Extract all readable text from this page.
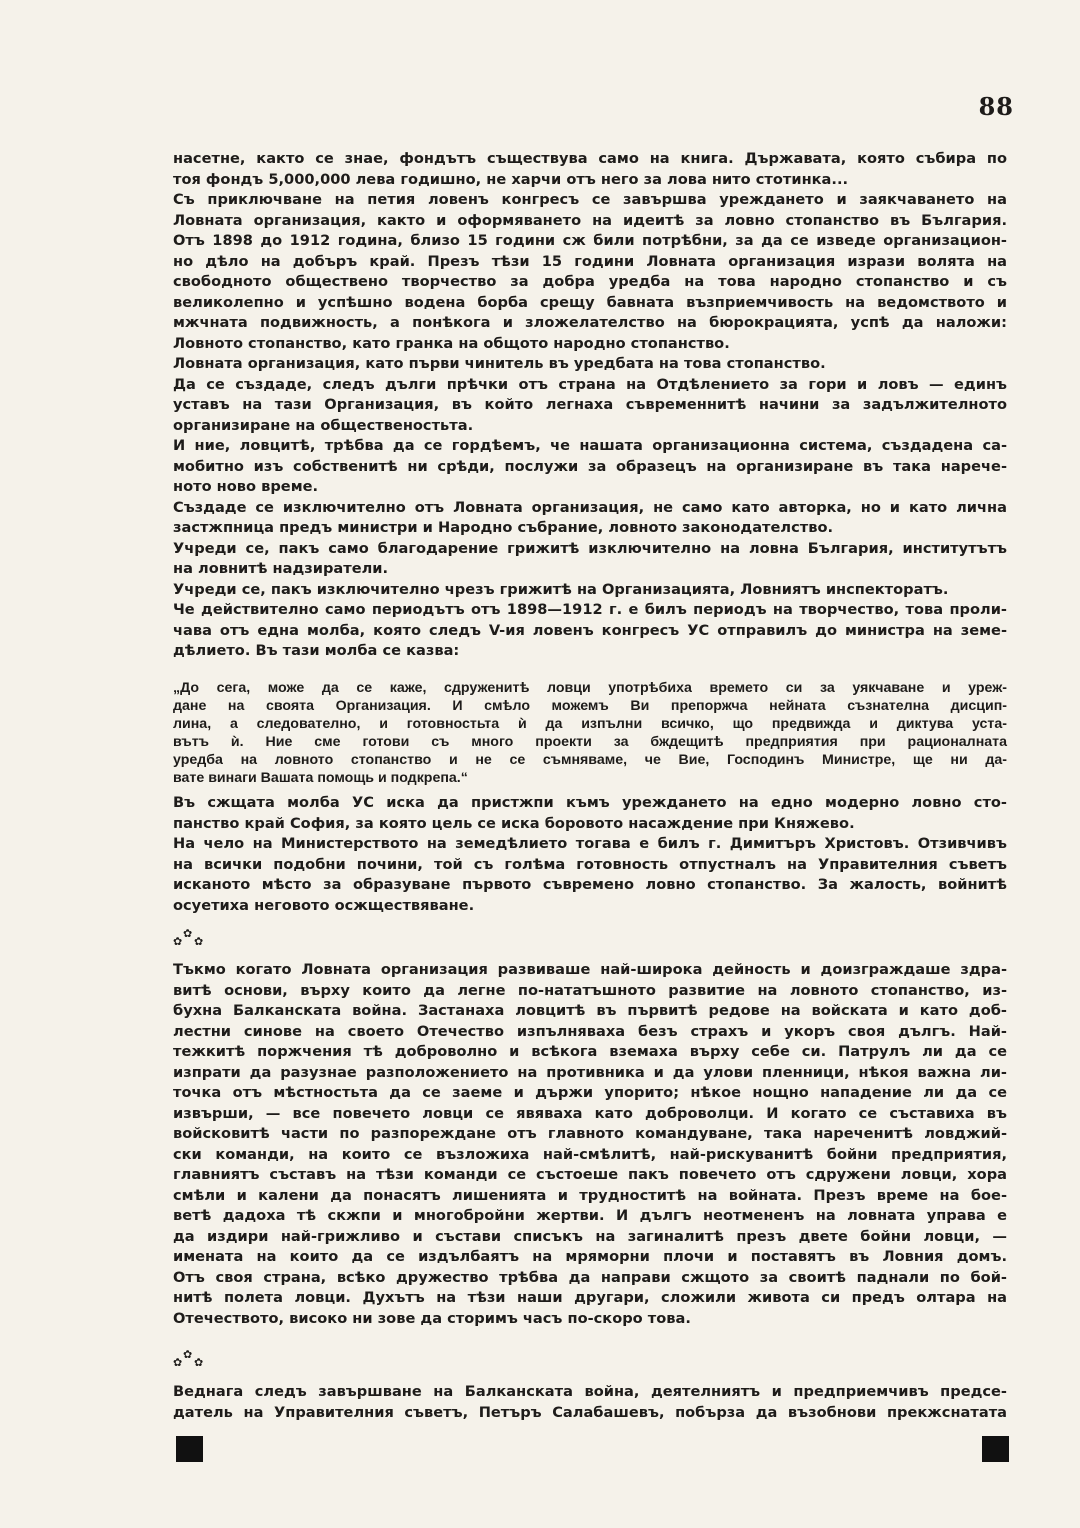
88
насетне, както се знае, фондътъ съществува само на книга. Държавата, която събира по
тоя фондъ 5,000,000 лева годишно, не харчи отъ него за лова нито стотинка...
Съ приключване на петия ловенъ конгресъ се завършва уреждането и заякчаването на
Ловната организация, както и оформяването на идеитѣ за ловно стопанство въ България.
Отъ 1898 до 1912 година, близо 15 години сж били потрѣбни, за да се изведе организацион-
но дѣло на добъръ край. Презъ тѣзи 15 години Ловната организация изрази волята на
свободното обществено творчество за добра уредба на това народно стопанство и съ
великолепно и успѣшно водена борба срещу бавната възприемчивость на ведомството и
мжчната подвижность, а понѣкога и зложелателство на бюрокрацията, успѣ да наложи:
Ловното стопанство, като гранка на общото народно стопанство.
Ловната организация, като първи чинитель въ уредбата на това стопанство.
Да се създаде, следъ дълги прѣчки отъ страна на Отдѣлението за гори и ловъ — единъ
уставъ на тази Организация, въ който легнаха съвременнитѣ начини за задължителното
организиране на общественостьта.
И ние, ловцитѣ, трѣбва да се гордѣемъ, че нашата организационна система, създадена са-
мобитно изъ собственитѣ ни срѣди, послужи за образецъ на организиране въ така нарече-
ното ново време.
Създаде се изключително отъ Ловната организация, не само като авторка, но и като лична
застжпница предъ министри и Народно събрание, ловното законодателство.
Учреди се, пакъ само благодарение грижитѣ изключително на ловна България, институтътъ
на ловнитѣ надзиратели.
Учреди се, пакъ изключително чрезъ грижитѣ на Организацията, Ловниятъ инспекторатъ.
Че действително само периодътъ отъ 1898—1912 г. е билъ периодъ на творчество, това проли-
чава отъ една молба, която следъ V-ия ловенъ конгресъ УС отправилъ до министра на земе-
дѣлието. Въ тази молба се казва:
„До сега, може да се каже, сдруженитѣ ловци употрѣбиха времето си за уякчаване и уреж-
дане на своята Организация. И смѣло можемъ Ви препоржча нейната съзнателна дисцип-
лина, а следователно, и готовностьта ѝ да изпълни всичко, що предвижда и диктува уста-
вътъ ѝ. Ние сме готови съ много проекти за бждещитѣ предприятия при рационалната
уредба на ловното стопанство и не се съмняваме, че Вие, Господинъ Министре, ще ни да-
вате винаги Вашата помощь и подкрепа.“
Въ сжщата молба УС иска да пристжпи къмъ уреждането на едно модерно ловно сто-
панство край София, за която цель се иска боровото насаждение при Княжево.
На чело на Министерството на земедѣлието тогава е билъ г. Димитъръ Христовъ. Отзивчивъ
на всички подобни почини, той съ голѣма готовность отпустналъ на Управителния съветъ
исканото мѣсто за образуване първото съвремено ловно стопанство. За жалость, войнитѣ
осуетиха неговото осжществяване.
✿
✿
✿
Тъкмо когато Ловната организация развиваше най-широка дейность и доизграждаше здра-
витѣ основи, върху които да легне по-нататъшното развитие на ловното стопанство, из-
бухна Балканската война. Застанаха ловцитѣ въ първитѣ редове на войската и като доб-
лестни синове на своето Отечество изпълняваха безъ страхъ и укоръ своя дългъ. Най-
тежкитѣ поржчения тѣ доброволно и всѣкога вземаха върху себе си. Патрулъ ли да се
изпрати да разузнае разположението на противника и да улови пленници, нѣкоя важна ли-
точка отъ мѣстностьта да се заеме и държи упорито; нѣкое нощно нападение ли да се
извърши, — все повечето ловци се явяваха като доброволци. И когато се съставиха въ
войсковитѣ части по разпореждане отъ главното командуване, така нареченитѣ ловджий-
ски команди, на които се възложиха най-смѣлитѣ, най-рискуванитѣ бойни предприятия,
главниятъ съставъ на тѣзи команди се състоеше пакъ повечето отъ сдружени ловци, хора
смѣли и калени да понасятъ лишенията и трудноститѣ на войната. Презъ време на бое-
ветѣ дадоха тѣ скжпи и многобройни жертви. И дългъ неотмененъ на ловната управа е
да издири най-грижливо и състави списъкъ на загиналитѣ презъ двете бойни ловци, —
имената на които да се издълбаятъ на мряморни плочи и поставятъ въ Ловния домъ.
Отъ своя страна, всѣко дружество трѣбва да направи сжщото за своитѣ паднали по бой-
нитѣ полета ловци. Духътъ на тѣзи наши другари, сложили живота си предъ олтара на
Отечеството, високо ни зове да сторимъ часъ по-скоро това.
✿
✿
✿
Веднага следъ завършване на Балканската война, деятелниятъ и предприемчивъ предсе-
датель на Управителния съветъ, Петъръ Салабашевъ, побърза да възобнови прекжснатата
